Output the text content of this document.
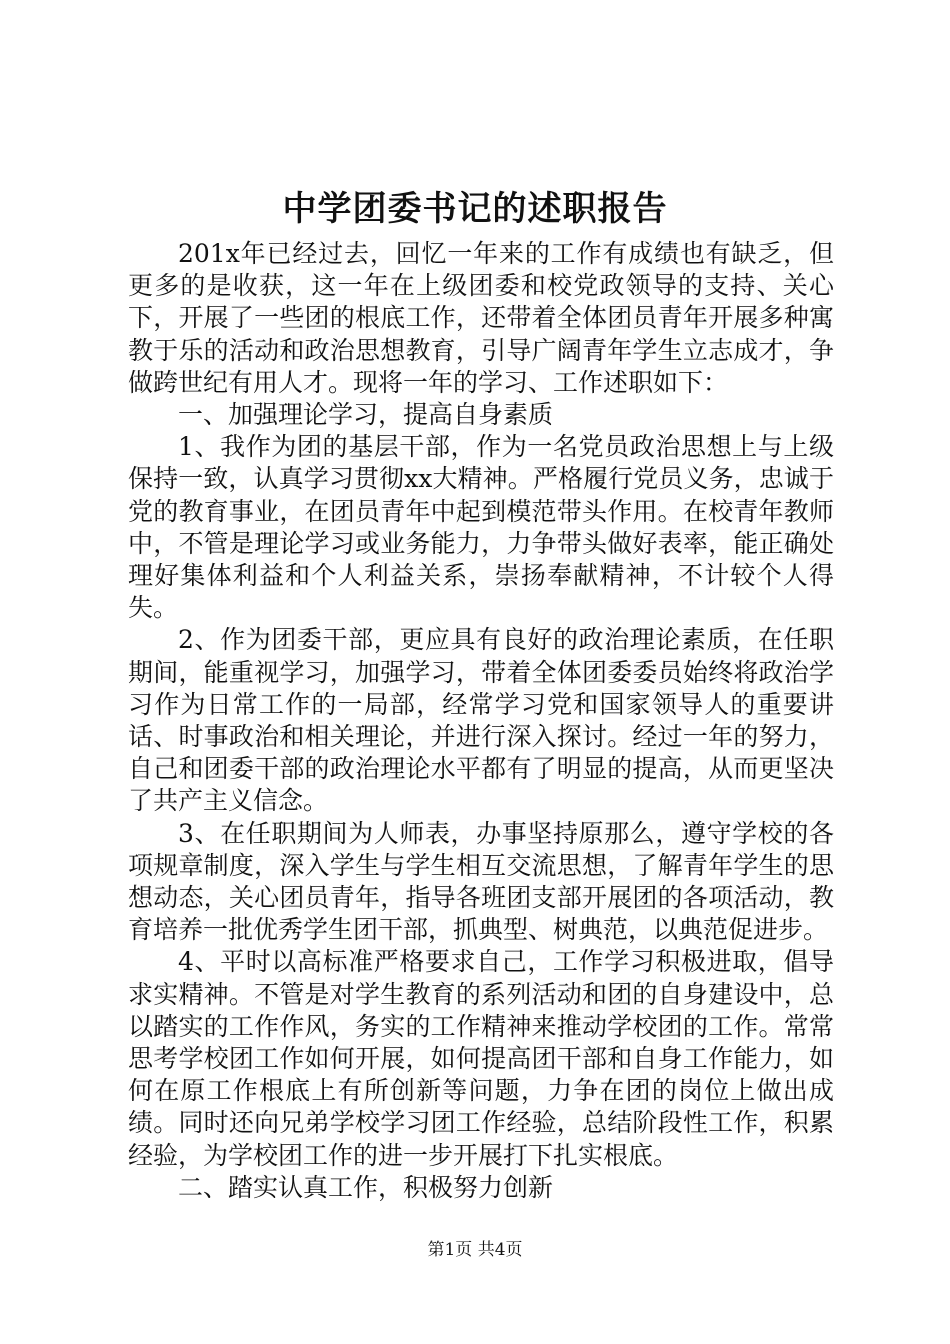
中学团委书记的述职报告

201x年已经过去，回忆一年来的工作有成绩也有缺乏，但更多的是收获，这一年在上级团委和校党政领导的支持、关心下，开展了一些团的根底工作，还带着全体团员青年开展多种寓教于乐的活动和政治思想教育，引导广阔青年学生立志成才，争做跨世纪有用人才。现将一年的学习、工作述职如下：

一、加强理论学习，提高自身素质

1、我作为团的基层干部，作为一名党员政治思想上与上级保持一致，认真学习贯彻xx大精神。严格履行党员义务，忠诚于党的教育事业，在团员青年中起到模范带头作用。在校青年教师中，不管是理论学习或业务能力，力争带头做好表率，能正确处理好集体利益和个人利益关系，崇扬奉献精神，不计较个人得失。

2、作为团委干部，更应具有良好的政治理论素质，在任职期间，能重视学习，加强学习，带着全体团委委员始终将政治学习作为日常工作的一局部，经常学习党和国家领导人的重要讲话、时事政治和相关理论，并进行深入探讨。经过一年的努力，自己和团委干部的政治理论水平都有了明显的提高，从而更坚决了共产主义信念。

3、在任职期间为人师表，办事坚持原那么，遵守学校的各项规章制度，深入学生与学生相互交流思想，了解青年学生的思想动态，关心团员青年，指导各班团支部开展团的各项活动，教育培养一批优秀学生团干部，抓典型、树典范，以典范促进步。

4、平时以高标准严格要求自己，工作学习积极进取，倡导求实精神。不管是对学生教育的系列活动和团的自身建设中，总以踏实的工作作风，务实的工作精神来推动学校团的工作。常常思考学校团工作如何开展，如何提高团干部和自身工作能力，如何在原工作根底上有所创新等问题，力争在团的岗位上做出成绩。同时还向兄弟学校学习团工作经验，总结阶段性工作，积累经验，为学校团工作的进一步开展打下扎实根底。

二、踏实认真工作，积极努力创新

第1页 共4页
